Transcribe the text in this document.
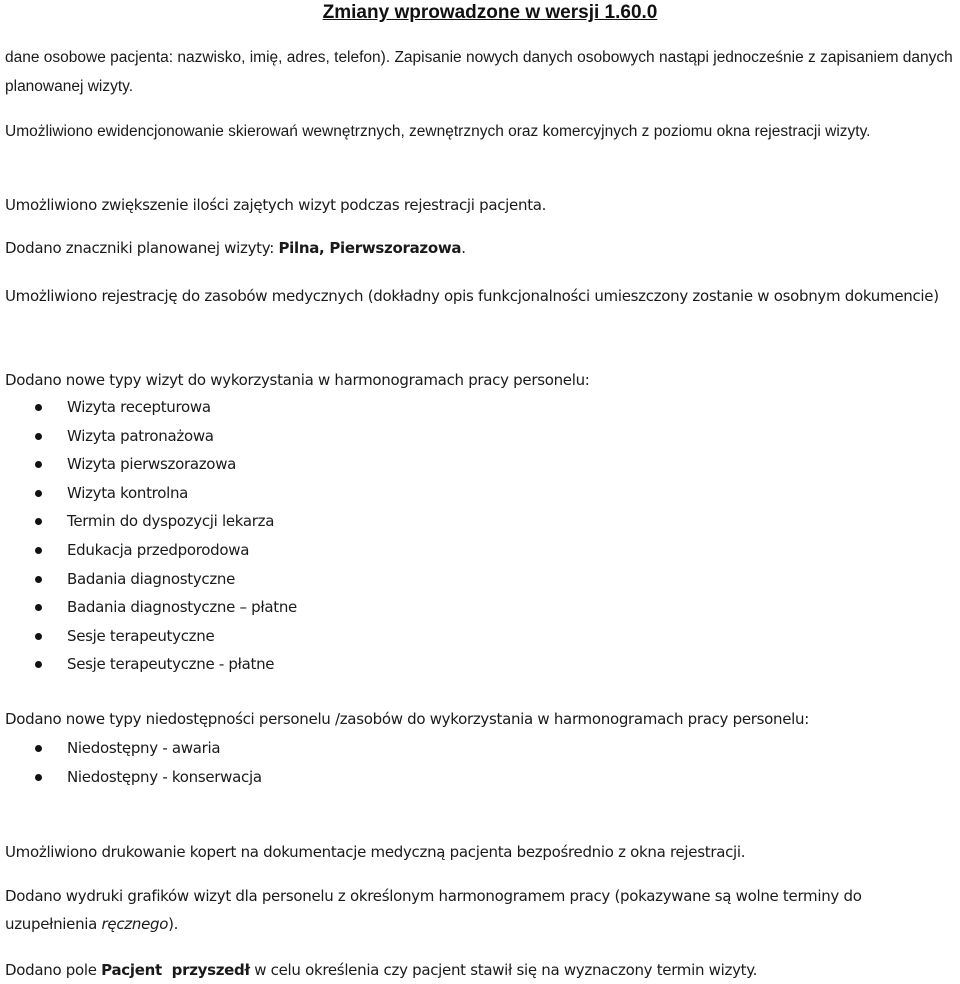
Zmiany wprowadzone w wersji 1.60.0

dane osobowe pacjenta: nazwisko, imię, adres, telefon). Zapisanie nowych danych osobowych nastąpi jednocześnie z zapisaniem danych planowanej wizyty.

Umożliwiono ewidencjonowanie skierowań wewnętrznych, zewnętrznych oraz komercyjnych z poziomu okna rejestracji wizyty.

Umożliwiono zwiększenie ilości zajętych wizyt podczas rejestracji pacjenta.

Dodano znaczniki planowanej wizyty: Pilna, Pierwszorazowa.

Umożliwiono rejestrację do zasobów medycznych (dokładny opis funkcjonalności umieszczony zostanie w osobnym dokumencie)

Dodano nowe typy wizyt do wykorzystania w harmonogramach pracy personelu:

Wizyta recepturowa
Wizyta patronażowa
Wizyta pierwszorazowa
Wizyta kontrolna
Termin do dyspozycji lekarza
Edukacja przedporodowa
Badania diagnostyczne
Badania diagnostyczne – płatne
Sesje terapeutyczne
Sesje terapeutyczne - płatne

Dodano nowe typy niedostępności personelu /zasobów do wykorzystania w harmonogramach pracy personelu:

Niedostępny - awaria
Niedostępny - konserwacja

Umożliwiono drukowanie kopert na dokumentacje medyczną pacjenta bezpośrednio z okna rejestracji.

Dodano wydruki grafików wizyt dla personelu z określonym harmonogramem pracy (pokazywane są wolne terminy do uzupełnienia ręcznego).

Dodano pole Pacjent  przyszedł w celu określenia czy pacjent stawił się na wyznaczony termin wizyty.
